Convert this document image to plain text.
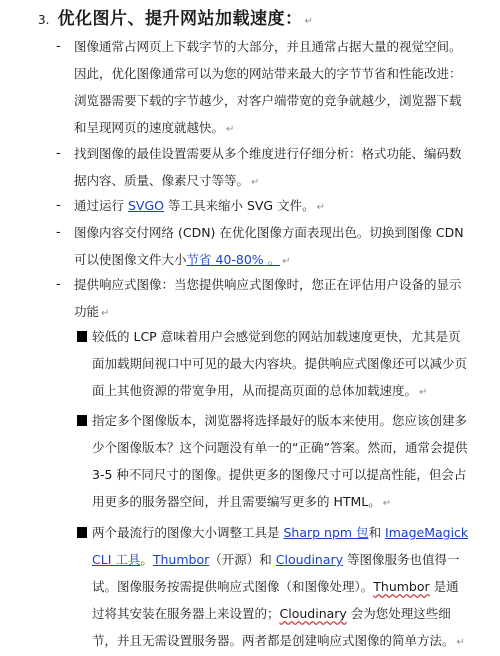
3. 优化图片、提升网站加载速度： ↵
- 图像通常占网页上下载字节的大部分，并且通常占据大量的视觉空间。
因此，优化图像通常可以为您的网站带来最大的字节节省和性能改进：
浏览器需要下载的字节越少，对客户端带宽的竞争就越少，浏览器下载
和呈现网页的速度就越快。 ↵
- 找到图像的最佳设置需要从多个维度进行仔细分析：格式功能、编码数
据内容、质量、像素尺寸等等。 ↵
- 通过运行 SVGO 等工具来缩小 SVG 文件。 ↵
- 图像内容交付网络 (CDN) 在优化图像方面表现出色。切换到图像 CDN
可以使图像文件大小节省 40-80% 。 ↵
- 提供响应式图像：当您提供响应式图像时，您正在评估用户设备的显示
功能 ↵
较低的 LCP 意味着用户会感觉到您的网站加载速度更快，尤其是页
面加载期间视口中可见的最大内容块。提供响应式图像还可以减少页
面上其他资源的带宽争用，从而提高页面的总体加载速度。 ↵
指定多个图像版本，浏览器将选择最好的版本来使用。您应该创建多
少个图像版本？这个问题没有单一的“正确”答案。然而，通常会提供
3-5 种不同尺寸的图像。提供更多的图像尺寸可以提高性能，但会占
用更多的服务器空间，并且需要编写更多的 HTML。 ↵
两个最流行的图像大小调整工具是 Sharp npm 包和 ImageMagick
CLI 工具。Thumbor（开源）和 Cloudinary 等图像服务也值得一
试。图像服务按需提供响应式图像（和图像处理）。Thumbor 是通
过将其安装在服务器上来设置的；Cloudinary 会为您处理这些细
节，并且无需设置服务器。两者都是创建响应式图像的简单方法。 ↵
